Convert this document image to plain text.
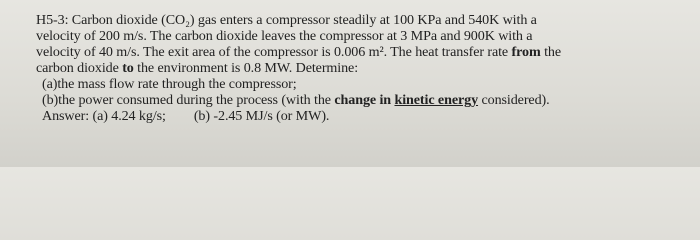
H5-3: Carbon dioxide (CO₂) gas enters a compressor steadily at 100 KPa and 540K with a
velocity of 200 m/s. The carbon dioxide leaves the compressor at 3 MPa and 900K with a
velocity of 40 m/s. The exit area of the compressor is 0.006 m². The heat transfer rate from the
carbon dioxide to the environment is 0.8 MW. Determine:
(a)the mass flow rate through the compressor;
(b)the power consumed during the process (with the change in kinetic energy considered).
Answer: (a) 4.24 kg/s; (b) -2.45 MJ/s (or MW).
